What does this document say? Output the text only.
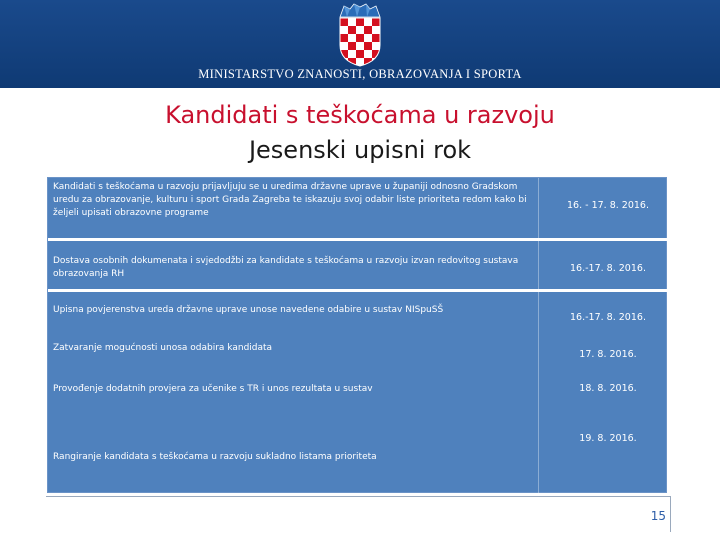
MINISTARSTVO ZNANOSTI, OBRAZOVANJA I SPORTA
Kandidati s teškoćama u razvoju
Jesenski upisni rok
Kandidati s teškoćama u razvoju prijavljuju se u uredima državne uprave u županiji odnosno Gradskom uredu za obrazovanje, kulturu i sport Grada Zagreba te iskazuju svoj odabir liste prioriteta redom kako bi željeli upisati obrazovne programe
16. - 17. 8. 2016.
Dostava osobnih dokumenata i svjedodžbi za kandidate s teškoćama u razvoju izvan redovitog sustava obrazovanja RH	16.-17. 8. 2016.
Upisna povjerenstva ureda državne uprave unose navedene odabire u sustav NISpuSŠ
16.-17. 8. 2016.
Zatvaranje mogućnosti unosa odabira kandidata
17. 8. 2016.
Provođenje dodatnih provjera za učenike s TR i unos rezultata u sustav	18. 8. 2016.
Rangiranje kandidata s teškoćama u razvoju sukladno listama prioriteta
19. 8. 2016.
15
